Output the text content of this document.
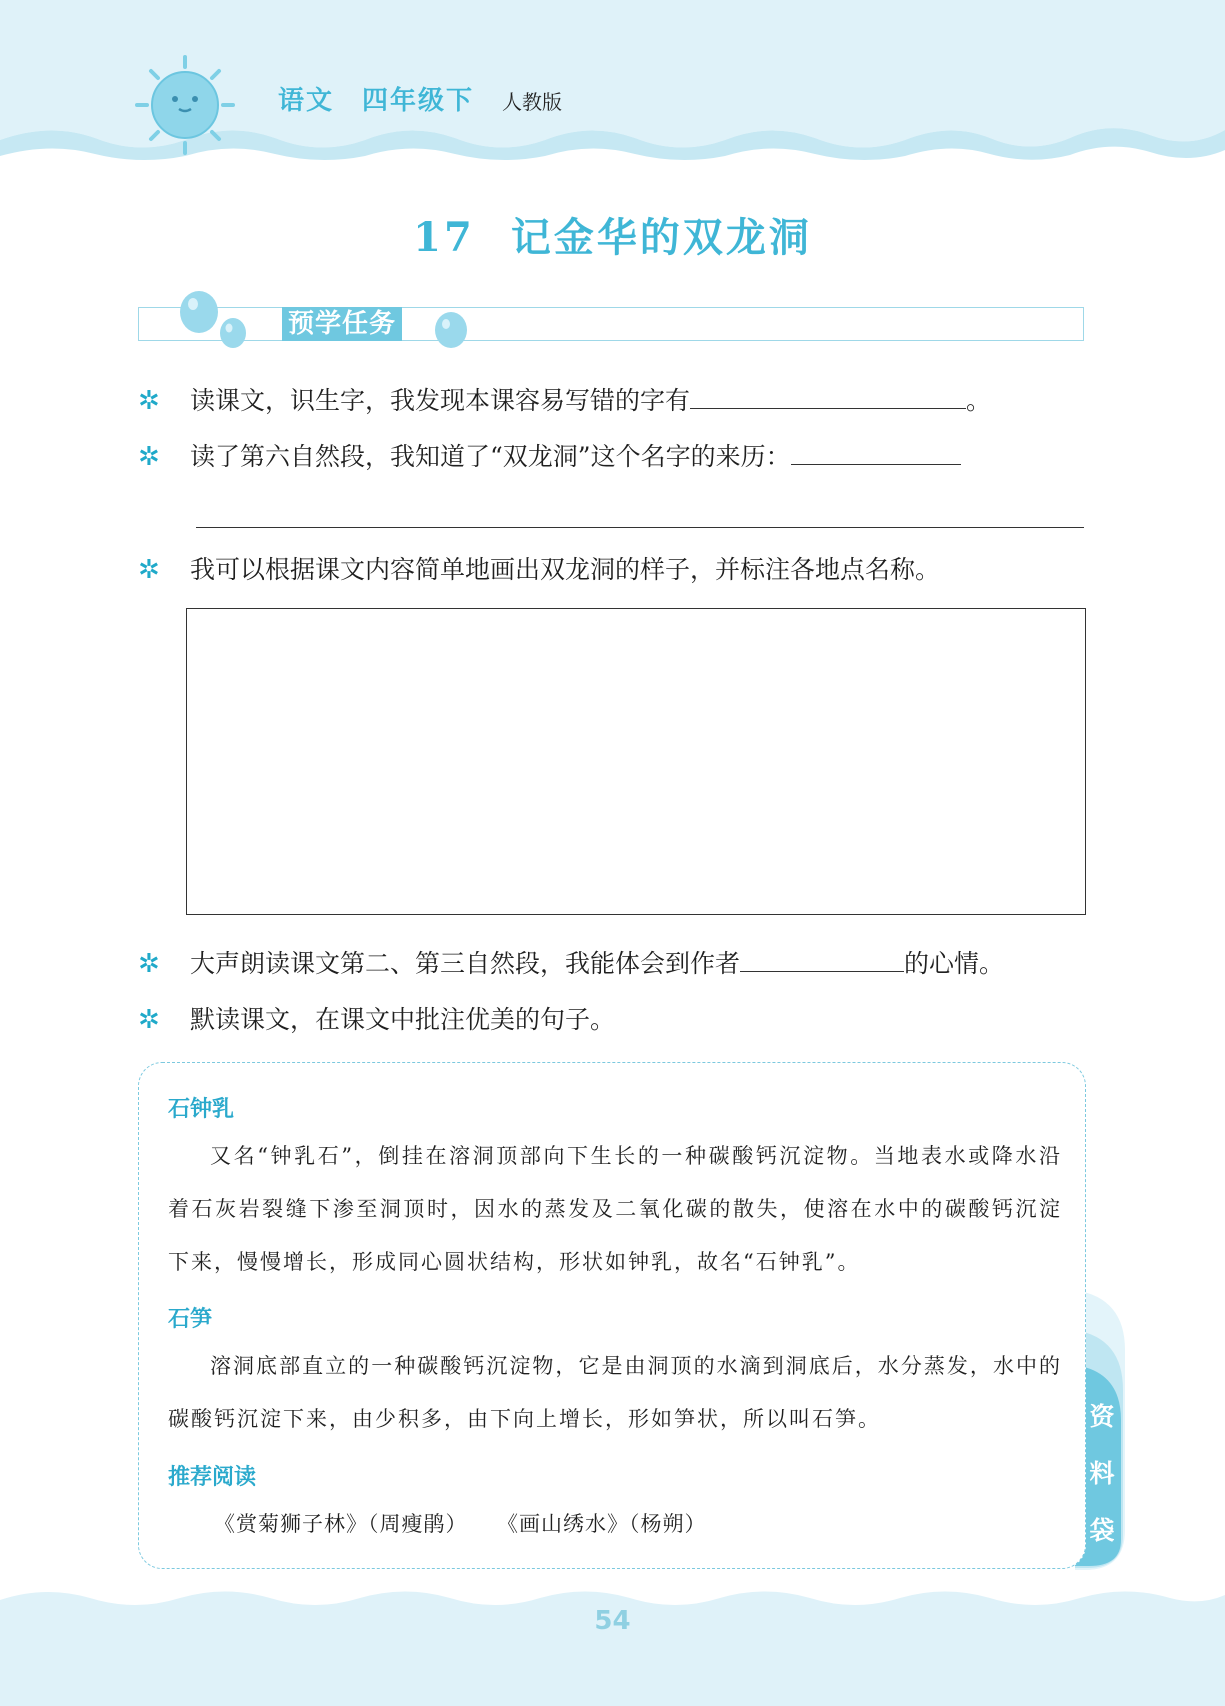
语文 四年级下 人教版
17 记金华的双龙洞
预学任务
✲ 读课文，识生字，我发现本课容易写错的字有	。
✲ 读了第六自然段，我知道了“双龙洞”这个名字的来历：
✲ 我可以根据课文内容简单地画出双龙洞的样子，并标注各地点名称。
✲ 大声朗读课文第二、第三自然段，我能体会到作者	的心情。
✲ 默读课文，在课文中批注优美的句子。
石钟乳
又名“钟乳石”，倒挂在溶洞顶部向下生长的一种碳酸钙沉淀物。当地表水或降水沿着石灰岩裂缝下渗至洞顶时，因水的蒸发及二氧化碳的散失，使溶在水中的碳酸钙沉淀下来，慢慢增长，形成同心圆状结构，形状如钟乳，故名“石钟乳”。
石笋
溶洞底部直立的一种碳酸钙沉淀物，它是由洞顶的水滴到洞底后，水分蒸发，水中的碳酸钙沉淀下来，由少积多，由下向上增长，形如笋状，所以叫石笋。
推荐阅读
《赏菊狮子林》（周瘦鹃） 《画山绣水》（杨朔）
资
料
袋
54
